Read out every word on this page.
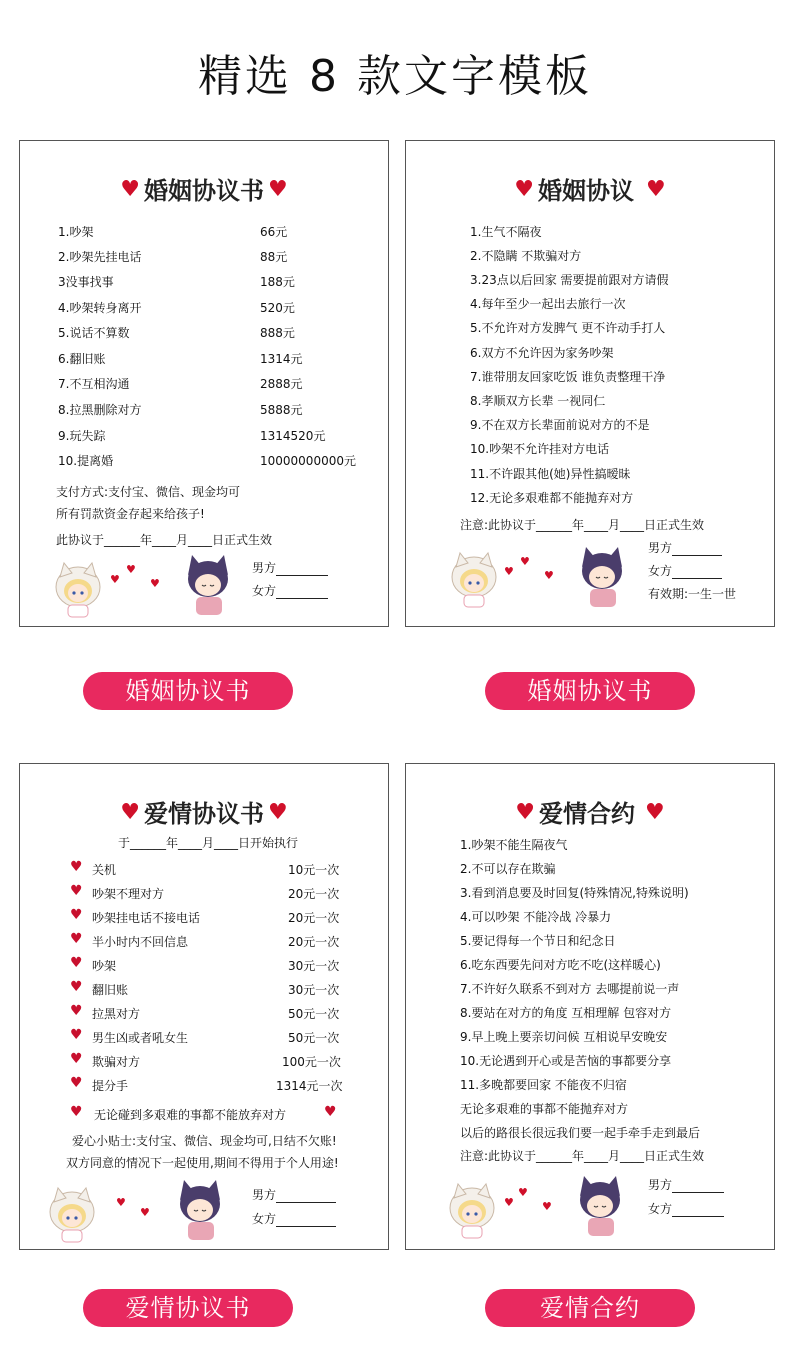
精选 8 款文字模板
♥ 婚姻协议书 ♥
1.吵架	66元
2.吵架先挂电话	88元
3没事找事	188元
4.吵架转身离开	520元
5.说话不算数	888元
6.翻旧账	1314元
7.不互相沟通	2888元
8.拉黑删除对方	5888元
9.玩失踪	1314520元
10.提离婚	10000000000元
支付方式:支付宝、微信、现金均可
所有罚款资金存起来给孩子!
此协议于______年____月____日正式生效
♥
♥
♥
男方
女方
♥ 婚姻协议 ♥
1.生气不隔夜
2.不隐瞒 不欺骗对方
3.23点以后回家 需要提前跟对方请假
4.每年至少一起出去旅行一次
5.不允许对方发脾气 更不许动手打人
6.双方不允许因为家务吵架
7.谁带朋友回家吃饭 谁负责整理干净
8.孝顺双方长辈 一视同仁
9.不在双方长辈面前说对方的不是
10.吵架不允许挂对方电话
11.不许跟其他(她)异性搞暧昧
12.无论多艰难都不能抛弃对方
注意:此协议于______年____月____日正式生效
♥
♥
♥
男方
女方
有效期:一生一世
婚姻协议书	婚姻协议书
♥ 爱情协议书 ♥
于______年____月____日开始执行
♥ 关机	10元一次
♥ 吵架不理对方	20元一次
♥ 吵架挂电话不接电话	20元一次
♥ 半小时内不回信息	20元一次
♥ 吵架	30元一次
♥ 翻旧账	30元一次
♥ 拉黑对方	50元一次
♥ 男生凶或者吼女生	50元一次
♥ 欺骗对方	100元一次
♥ 提分手	1314元一次
♥ 无论碰到多艰难的事都不能放弃对方	♥
爱心小贴士:支付宝、微信、现金均可,日结不欠账!
双方同意的情况下一起使用,期间不得用于个人用途!
♥
♥
男方
女方
♥ 爱情合约 ♥
1.吵架不能生隔夜气
2.不可以存在欺骗
3.看到消息要及时回复(特殊情况,特殊说明)
4.可以吵架 不能冷战 冷暴力
5.要记得每一个节日和纪念日
6.吃东西要先问对方吃不吃(这样暖心)
7.不许好久联系不到对方 去哪提前说一声
8.要站在对方的角度 互相理解 包容对方
9.早上晚上要亲切问候 互相说早安晚安
10.无论遇到开心或是苦恼的事都要分享
11.多晚都要回家 不能夜不归宿
无论多艰难的事都不能抛弃对方
以后的路很长很远我们要一起手牵手走到最后
注意:此协议于______年____月____日正式生效
♥
♥
♥
男方
女方
爱情协议书	爱情合约
